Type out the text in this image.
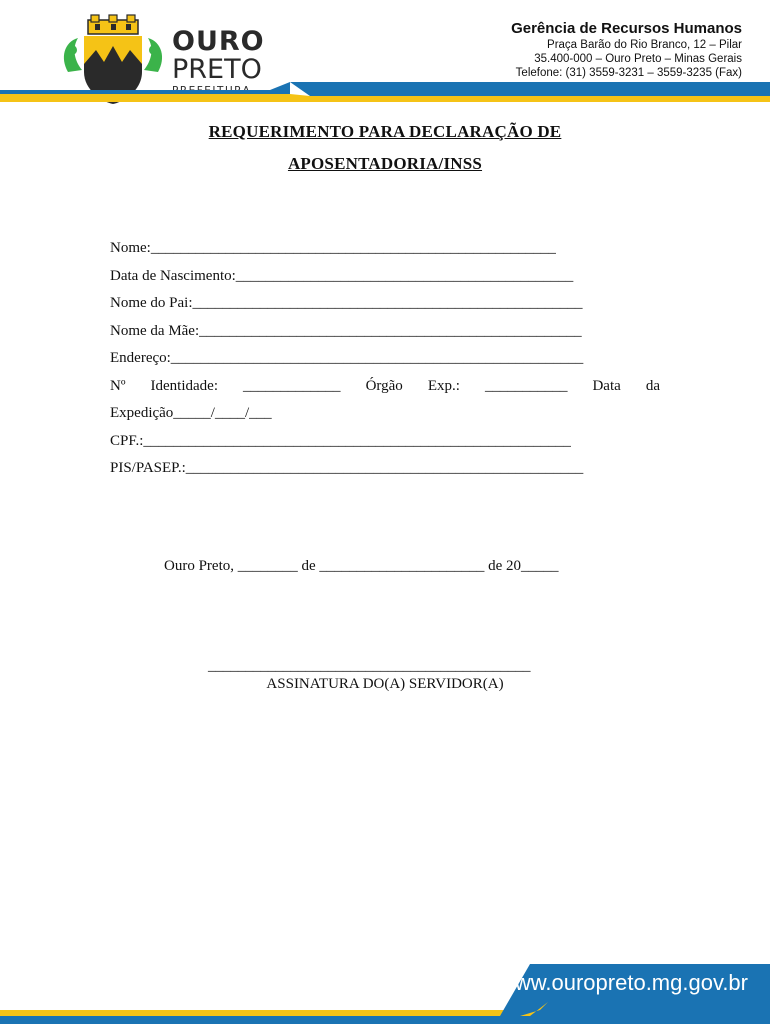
OURO
PRETO
Gerência de Recursos Humanos
Praça Barão do Rio Branco, 12 – Pilar
35.400-000 – Ouro Preto – Minas Gerais
Telefone: (31) 3559-3231 – 3559-3235 (Fax)
REQUERIMENTO PARA DECLARAÇÃO DE
APOSENTADORIA/INSS
Nome:______________________________________________________
Data de Nascimento:_____________________________________________
Nome do Pai:____________________________________________________
Nome da Mãe:___________________________________________________
Endereço:_______________________________________________________
Nº Identidade: _____________ Órgão Exp.: ___________ Data da
Expedição_____/____/___
CPF.:_________________________________________________________
PIS/PASEP.:_____________________________________________________
Ouro Preto, ________ de ______________________ de 20_____
___________________________________________
ASSINATURA DO(A) SERVIDOR(A)
www.ouropreto.mg.gov.br
